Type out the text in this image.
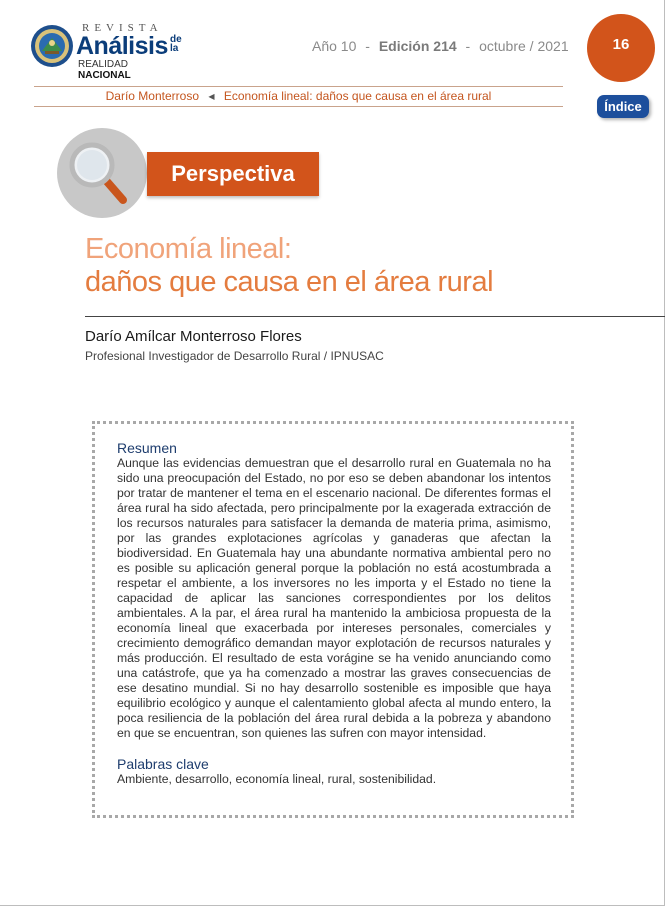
REVISTA
Análisis de la
REALIDAD NACIONAL
Año 10 - Edición 214 - octubre / 2021	16
Darío Monterroso ◀ Economía lineal: daños que causa en el área rural
Índice
Perspectiva
Economía lineal:
daños que causa en el área rural
Darío Amílcar Monterroso Flores
Profesional Investigador de Desarrollo Rural / IPNUSAC
Resumen

Aunque las evidencias demuestran que el desarrollo rural en Guatemala no ha sido una preocupación del Estado, no por eso se deben abandonar los intentos por tratar de mantener el tema en el escenario nacional. De diferentes formas el área rural ha sido afectada, pero principalmente por la exagerada extracción de los recursos naturales para satisfacer la demanda de materia prima, asimismo, por las grandes explotaciones agrícolas y ganaderas que afectan la biodiversidad. En Guatemala hay una abundante normativa ambiental pero no es posible su aplicación general porque la población no está acostumbrada a respetar el ambiente, a los inversores no les importa y el Estado no tiene la capacidad de aplicar las sanciones correspondientes por los delitos ambientales. A la par, el área rural ha mantenido la ambiciosa propuesta de la economía lineal que exacerbada por intereses personales, comerciales y crecimiento demográfico demandan mayor explotación de recursos naturales y más producción. El resultado de esta vorágine se ha venido anunciando como una catástrofe, que ya ha comenzado a mostrar las graves consecuencias de ese desatino mundial. Si no hay desarrollo sostenible es imposible que haya equilibrio ecológico y aunque el calentamiento global afecta al mundo entero, la poca resiliencia de la población del área rural debida a la pobreza y abandono en que se encuentran, son quienes las sufren con mayor intensidad.

Palabras clave

Ambiente, desarrollo, economía lineal, rural, sostenibilidad.
